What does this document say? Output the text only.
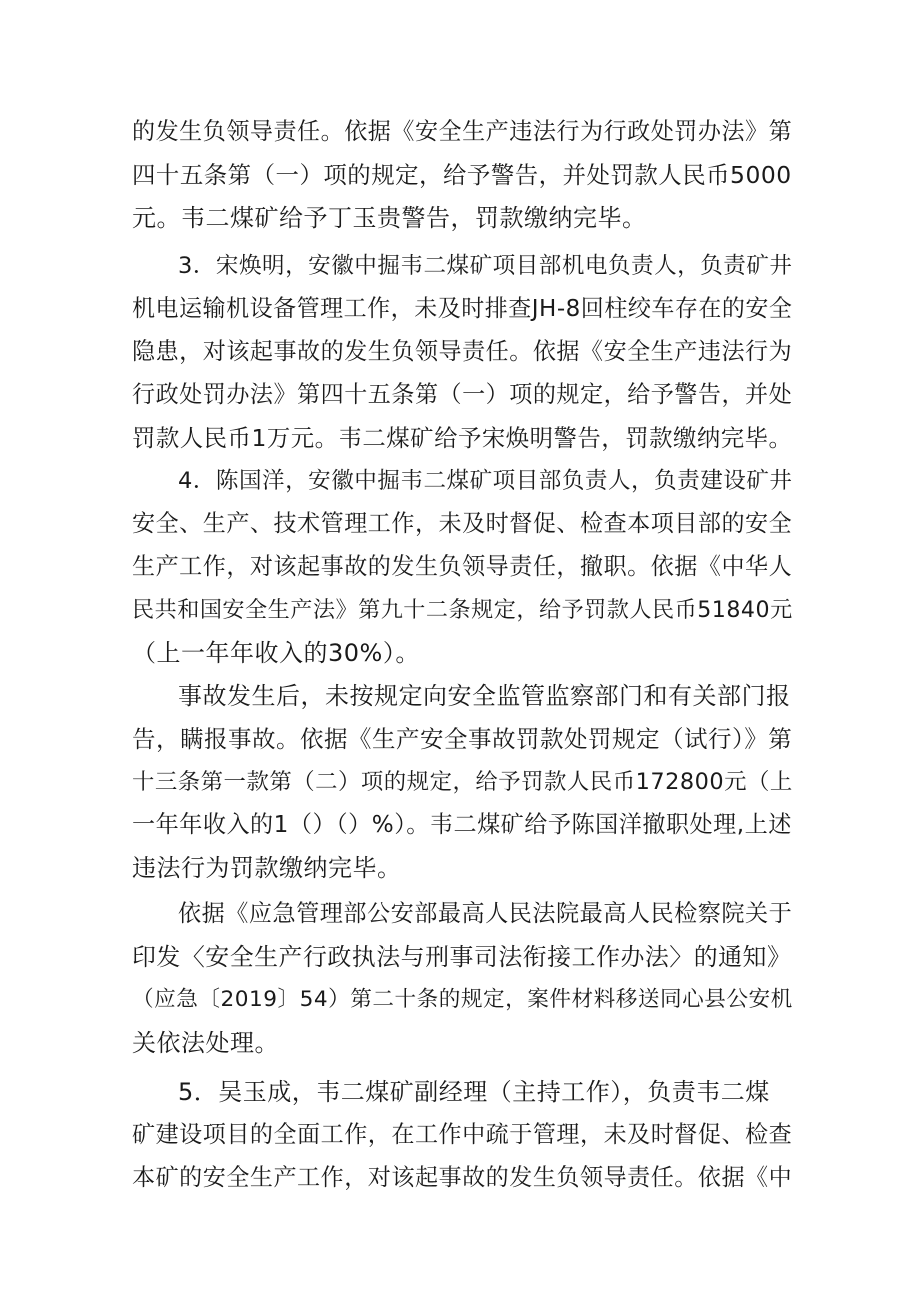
的发生负领导责任。依据《安全生产违法行为行政处罚办法》第
四十五条第（一）项的规定，给予警告，并处罚款人民币5000
元。韦二煤矿给予丁玉贵警告，罚款缴纳完毕。
3．宋焕明，安徽中掘韦二煤矿项目部机电负责人，负责矿井
机电运输机设备管理工作，未及时排查JH-8回柱绞车存在的安全
隐患，对该起事故的发生负领导责任。依据《安全生产违法行为
行政处罚办法》第四十五条第（一）项的规定，给予警告，并处
罚款人民币1万元。韦二煤矿给予宋焕明警告，罚款缴纳完毕。
4．陈国洋，安徽中掘韦二煤矿项目部负责人，负责建设矿井
安全、生产、技术管理工作，未及时督促、检查本项目部的安全
生产工作，对该起事故的发生负领导责任，撤职。依据《中华人
民共和国安全生产法》第九十二条规定，给予罚款人民币51840元
（上一年年收入的30%）。
事故发生后，未按规定向安全监管监察部门和有关部门报
告，瞒报事故。依据《生产安全事故罚款处罚规定（试行）》第
十三条第一款第（二）项的规定，给予罚款人民币172800元（上
一年年收入的1（）（）%）。韦二煤矿给予陈国洋撤职处理,上述
违法行为罚款缴纳完毕。
依据《应急管理部公安部最高人民法院最高人民检察院关于
印发〈安全生产行政执法与刑事司法衔接工作办法〉的通知》
（应急〔2019〕54）第二十条的规定，案件材料移送同心县公安机
关依法处理。
5．吴玉成，韦二煤矿副经理（主持工作），负责韦二煤
矿建设项目的全面工作，在工作中疏于管理，未及时督促、检查
本矿的安全生产工作，对该起事故的发生负领导责任。依据《中
